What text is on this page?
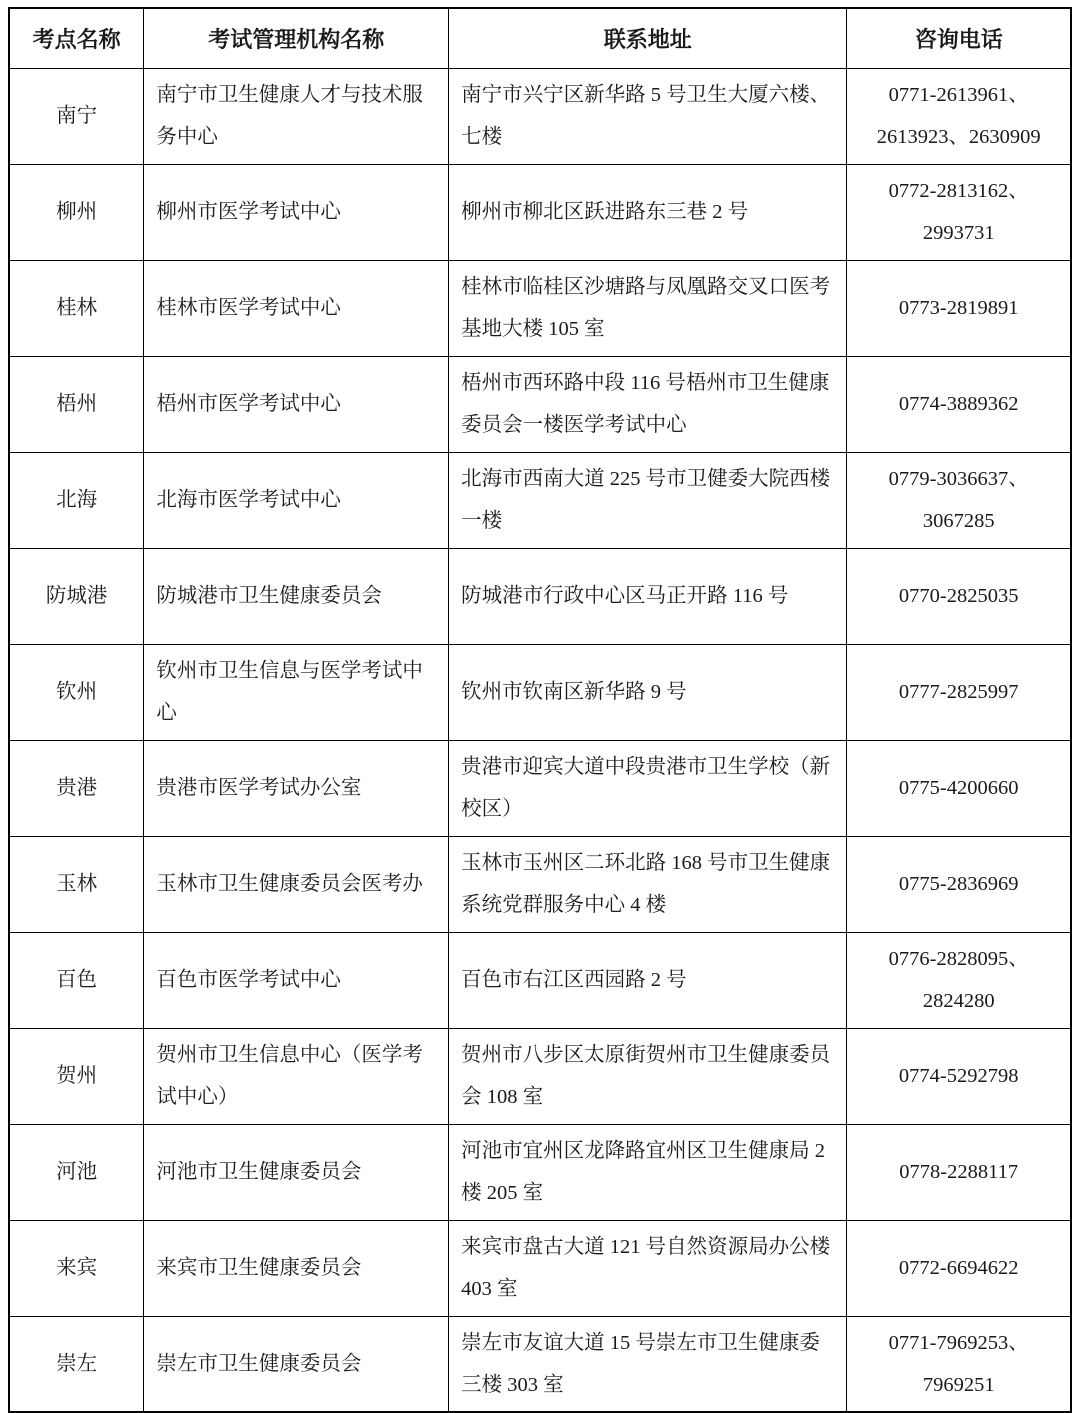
考点名称	考试管理机构名称	联系地址	咨询电话
南宁	南宁市卫生健康人才与技术服务中心	南宁市兴宁区新华路 5 号卫生大厦六楼、七楼	0771-2613961、2613923、2630909
柳州	柳州市医学考试中心	柳州市柳北区跃进路东三巷 2 号	0772-2813162、2993731
桂林	桂林市医学考试中心	桂林市临桂区沙塘路与凤凰路交叉口医考基地大楼 105 室	0773-2819891
梧州	梧州市医学考试中心	梧州市西环路中段 116 号梧州市卫生健康委员会一楼医学考试中心	0774-3889362
北海	北海市医学考试中心	北海市西南大道 225 号市卫健委大院西楼一楼	0779-3036637、3067285
防城港	防城港市卫生健康委员会	防城港市行政中心区马正开路 116 号	0770-2825035
钦州	钦州市卫生信息与医学考试中心	钦州市钦南区新华路 9 号	0777-2825997
贵港	贵港市医学考试办公室	贵港市迎宾大道中段贵港市卫生学校（新校区）	0775-4200660
玉林	玉林市卫生健康委员会医考办	玉林市玉州区二环北路 168 号市卫生健康系统党群服务中心 4 楼	0775-2836969
百色	百色市医学考试中心	百色市右江区西园路 2 号	0776-2828095、2824280
贺州	贺州市卫生信息中心（医学考试中心）	贺州市八步区太原街贺州市卫生健康委员会 108 室	0774-5292798
河池	河池市卫生健康委员会	河池市宜州区龙降路宜州区卫生健康局 2 楼 205 室	0778-2288117
来宾	来宾市卫生健康委员会	来宾市盘古大道 121 号自然资源局办公楼 403 室	0772-6694622
崇左	崇左市卫生健康委员会	崇左市友谊大道 15 号崇左市卫生健康委三楼 303 室	0771-7969253、7969251
